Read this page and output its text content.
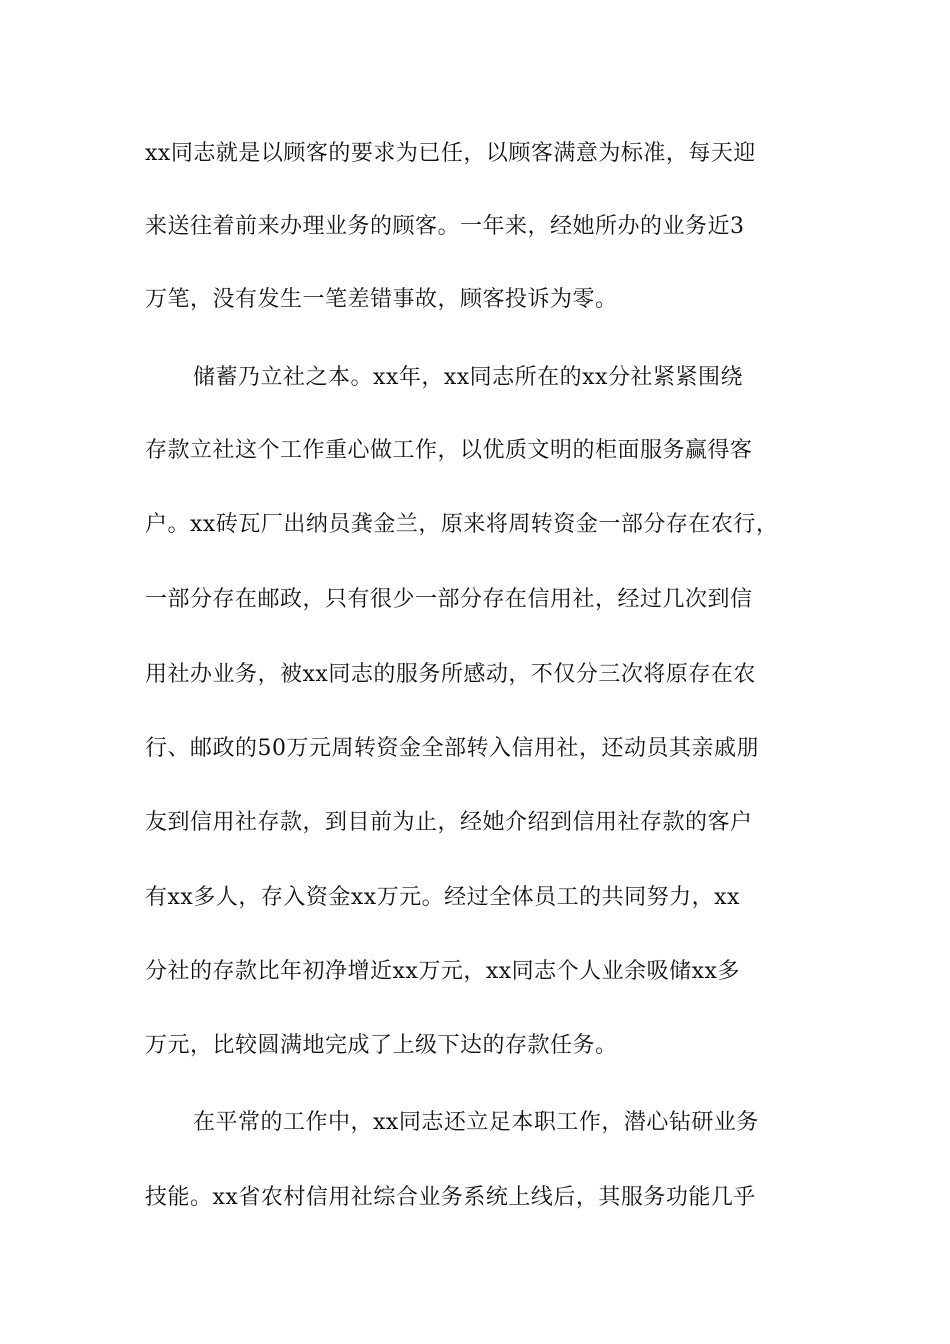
xx同志就是以顾客的要求为已任，以顾客满意为标准，每天迎
来送往着前来办理业务的顾客。一年来，经她所办的业务近3
万笔，没有发生一笔差错事故，顾客投诉为零。
储蓄乃立社之本。xx年，xx同志所在的xx分社紧紧围绕
存款立社这个工作重心做工作，以优质文明的柜面服务赢得客
户。xx砖瓦厂出纳员龚金兰，原来将周转资金一部分存在农行，
一部分存在邮政，只有很少一部分存在信用社，经过几次到信
用社办业务，被xx同志的服务所感动，不仅分三次将原存在农
行、邮政的50万元周转资金全部转入信用社，还动员其亲戚朋
友到信用社存款，到目前为止，经她介绍到信用社存款的客户
有xx多人，存入资金xx万元。经过全体员工的共同努力，xx
分社的存款比年初净增近xx万元，xx同志个人业余吸储xx多
万元，比较圆满地完成了上级下达的存款任务。
在平常的工作中，xx同志还立足本职工作，潜心钻研业务
技能。xx省农村信用社综合业务系统上线后，其服务功能几乎
